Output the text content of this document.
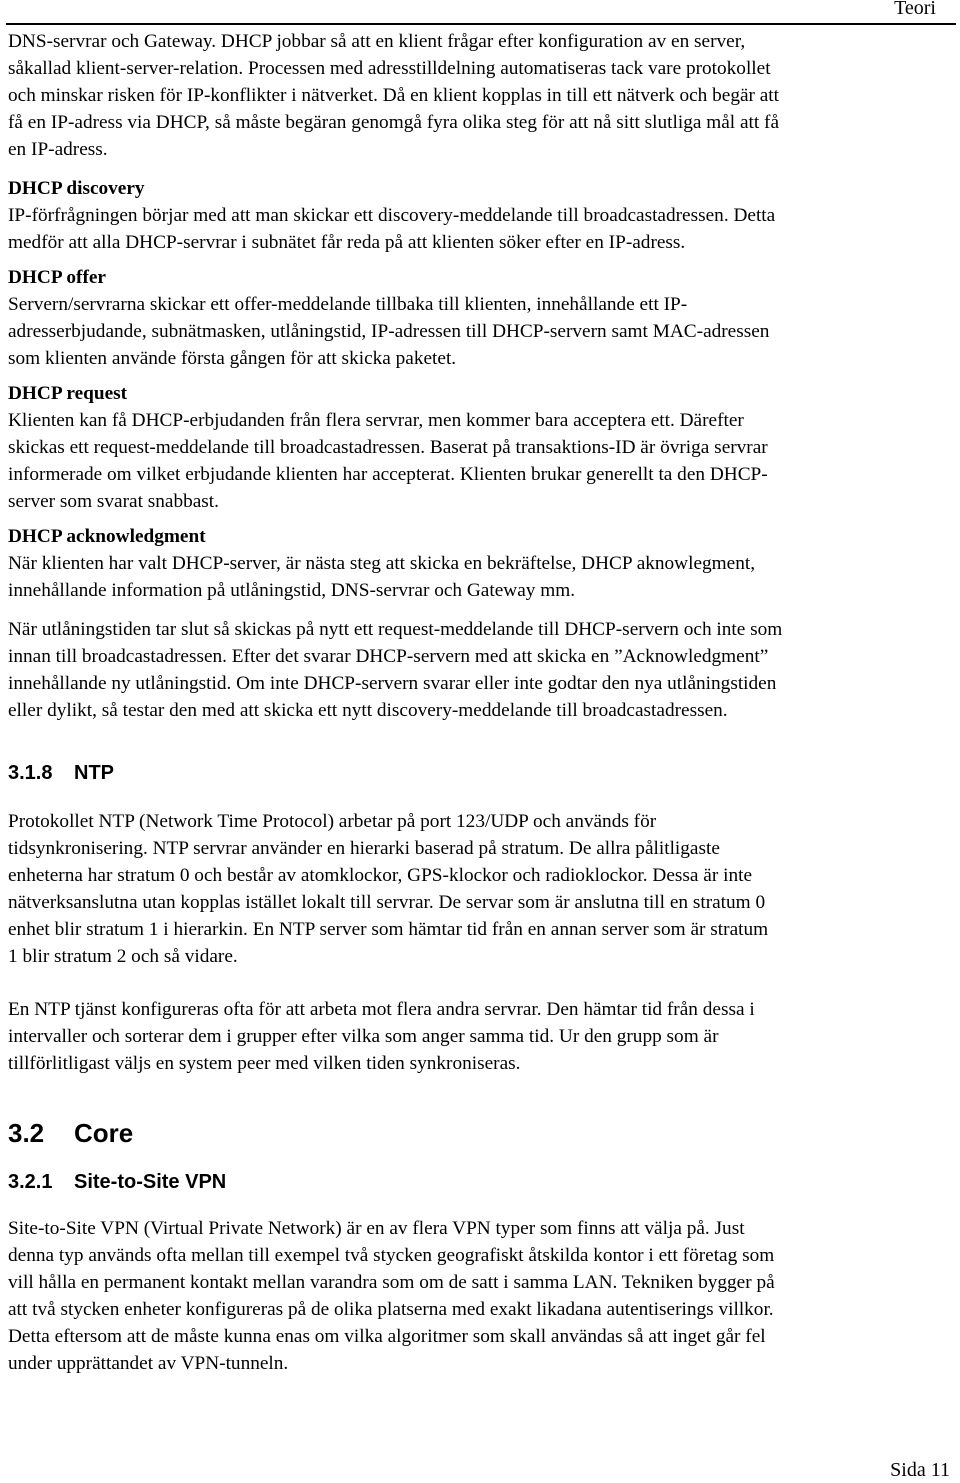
Teori

DNS-servrar och Gateway. DHCP jobbar så att en klient frågar efter konfiguration av en server,
såkallad klient-server-relation. Processen med adresstilldelning automatiseras tack vare protokollet
och minskar risken för IP-konflikter i nätverket. Då en klient kopplas in till ett nätverk och begär att
få en IP-adress via DHCP, så måste begäran genomgå fyra olika steg för att nå sitt slutliga mål att få
en IP-adress.

DHCP discovery
IP-förfrågningen börjar med att man skickar ett discovery-meddelande till broadcastadressen. Detta
medför att alla DHCP-servrar i subnätet får reda på att klienten söker efter en IP-adress.

DHCP offer
Servern/servrarna skickar ett offer-meddelande tillbaka till klienten, innehållande ett IP-
adresserbjudande, subnätmasken, utlåningstid, IP-adressen till DHCP-servern samt MAC-adressen
som klienten använde första gången för att skicka paketet.

DHCP request
Klienten kan få DHCP-erbjudanden från flera servrar, men kommer bara acceptera ett. Därefter
skickas ett request-meddelande till broadcastadressen. Baserat på transaktions-ID är övriga servrar
informerade om vilket erbjudande klienten har accepterat. Klienten brukar generellt ta den DHCP-
server som svarat snabbast.

DHCP acknowledgment
När klienten har valt DHCP-server, är nästa steg att skicka en bekräftelse, DHCP aknowlegment,
innehållande information på utlåningstid, DNS-servrar och Gateway mm.

När utlåningstiden tar slut så skickas på nytt ett request-meddelande till DHCP-servern och inte som
innan till broadcastadressen. Efter det svarar DHCP-servern med att skicka en ”Acknowledgment”
innehållande ny utlåningstid. Om inte DHCP-servern svarar eller inte godtar den nya utlåningstiden
eller dylikt, så testar den med att skicka ett nytt discovery-meddelande till broadcastadressen.

3.1.8 NTP

Protokollet NTP (Network Time Protocol) arbetar på port 123/UDP och används för
tidsynkronisering. NTP servrar använder en hierarki baserad på stratum. De allra pålitligaste
enheterna har stratum 0 och består av atomklockor, GPS-klockor och radioklockor. Dessa är inte
nätverksanslutna utan kopplas istället lokalt till servrar. De servar som är anslutna till en stratum 0
enhet blir stratum 1 i hierarkin. En NTP server som hämtar tid från en annan server som är stratum
1 blir stratum 2 och så vidare.

En NTP tjänst konfigureras ofta för att arbeta mot flera andra servrar. Den hämtar tid från dessa i
intervaller och sorterar dem i grupper efter vilka som anger samma tid. Ur den grupp som är
tillförlitligast väljs en system peer med vilken tiden synkroniseras.

3.2 Core
3.2.1 Site-to-Site VPN

Site-to-Site VPN (Virtual Private Network) är en av flera VPN typer som finns att välja på. Just
denna typ används ofta mellan till exempel två stycken geografiskt åtskilda kontor i ett företag som
vill hålla en permanent kontakt mellan varandra som om de satt i samma LAN. Tekniken bygger på
att två stycken enheter konfigureras på de olika platserna med exakt likadana autentiserings villkor.
Detta eftersom att de måste kunna enas om vilka algoritmer som skall användas så att inget går fel
under upprättandet av VPN-tunneln.

Sida 11
